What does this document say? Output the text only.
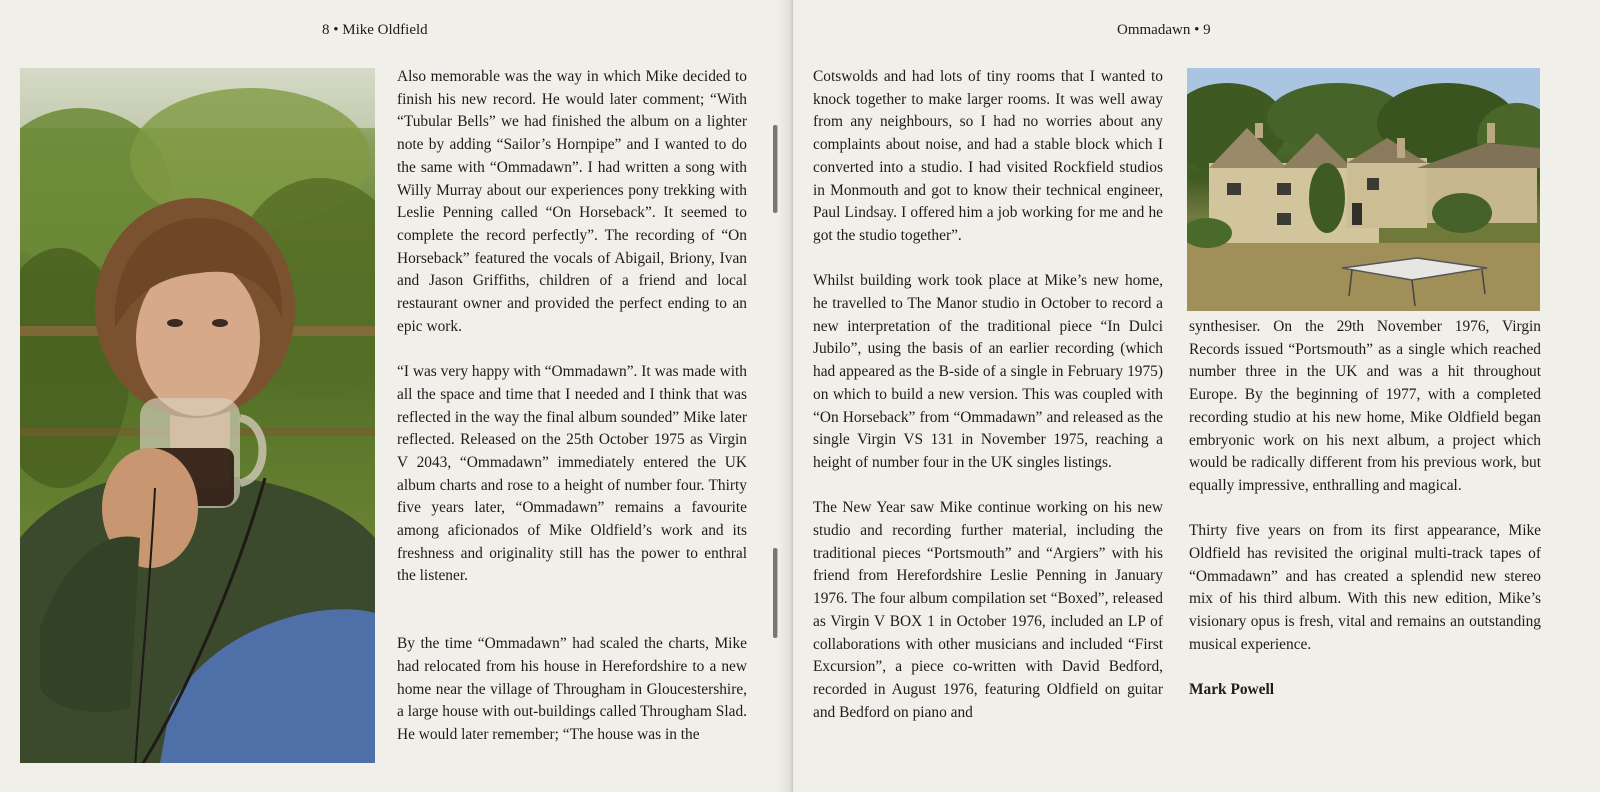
8 • Mike Oldfield

Also memorable was the way in which Mike decided to finish his new record. He would later comment; “With “Tubular Bells” we had finished the album on a lighter note by adding “Sailor’s Hornpipe” and I wanted to do the same with “Ommadawn”. I had written a song with Willy Murray about our experiences pony trekking with Leslie Penning called “On Horseback”. It seemed to complete the record perfectly”. The recording of “On Horseback” featured the vocals of Abigail, Briony, Ivan and Jason Griffiths, children of a friend and local restaurant owner and provided the perfect ending to an epic work.

“I was very happy with “Ommadawn”. It was made with all the space and time that I needed and I think that was reflected in the way the final album sounded” Mike later reflected. Released on the 25th October 1975 as Virgin V 2043, “Ommadawn” immediately entered the UK album charts and rose to a height of number four. Thirty five years later, “Ommadawn” remains a favourite among aficionados of Mike Oldfield’s work and its freshness and originality still has the power to enthral the listener.

By the time “Ommadawn” had scaled the charts, Mike had relocated from his house in Herefordshire to a new home near the village of Througham in Gloucestershire, a large house with out-buildings called Througham Slad. He would later remember; “The house was in the

Ommadawn • 9

Cotswolds and had lots of tiny rooms that I wanted to knock together to make larger rooms. It was well away from any neighbours, so I had no worries about any complaints about noise, and had a stable block which I converted into a studio. I had visited Rockfield studios in Monmouth and got to know their technical engineer, Paul Lindsay. I offered him a job working for me and he got the studio together”.

Whilst building work took place at Mike’s new home, he travelled to The Manor studio in October to record a new interpretation of the traditional piece “In Dulci Jubilo”, using the basis of an earlier recording (which had appeared as the B-side of a single in February 1975) on which to build a new version. This was coupled with “On Horseback” from “Ommadawn” and released as the single Virgin VS 131 in November 1975, reaching a height of number four in the UK singles listings.

The New Year saw Mike continue working on his new studio and recording further material, including the traditional pieces “Portsmouth” and “Argiers” with his friend from Herefordshire Leslie Penning in January 1976. The four album compilation set “Boxed”, released as Virgin V BOX 1 in October 1976, included an LP of collaborations with other musicians and included “First Excursion”, a piece co-written with David Bedford, recorded in August 1976, featuring Oldfield on guitar and Bedford on piano and

synthesiser. On the 29th November 1976, Virgin Records issued “Portsmouth” as a single which reached number three in the UK and was a hit throughout Europe. By the beginning of 1977, with a completed recording studio at his new home, Mike Oldfield began embryonic work on his next album, a project which would be radically different from his previous work, but equally impressive, enthralling and magical.

Thirty five years on from its first appearance, Mike Oldfield has revisited the original multi-track tapes of “Ommadawn” and has created a splendid new stereo mix of his third album. With this new edition, Mike’s visionary opus is fresh, vital and remains an outstanding musical experience.

Mark Powell
